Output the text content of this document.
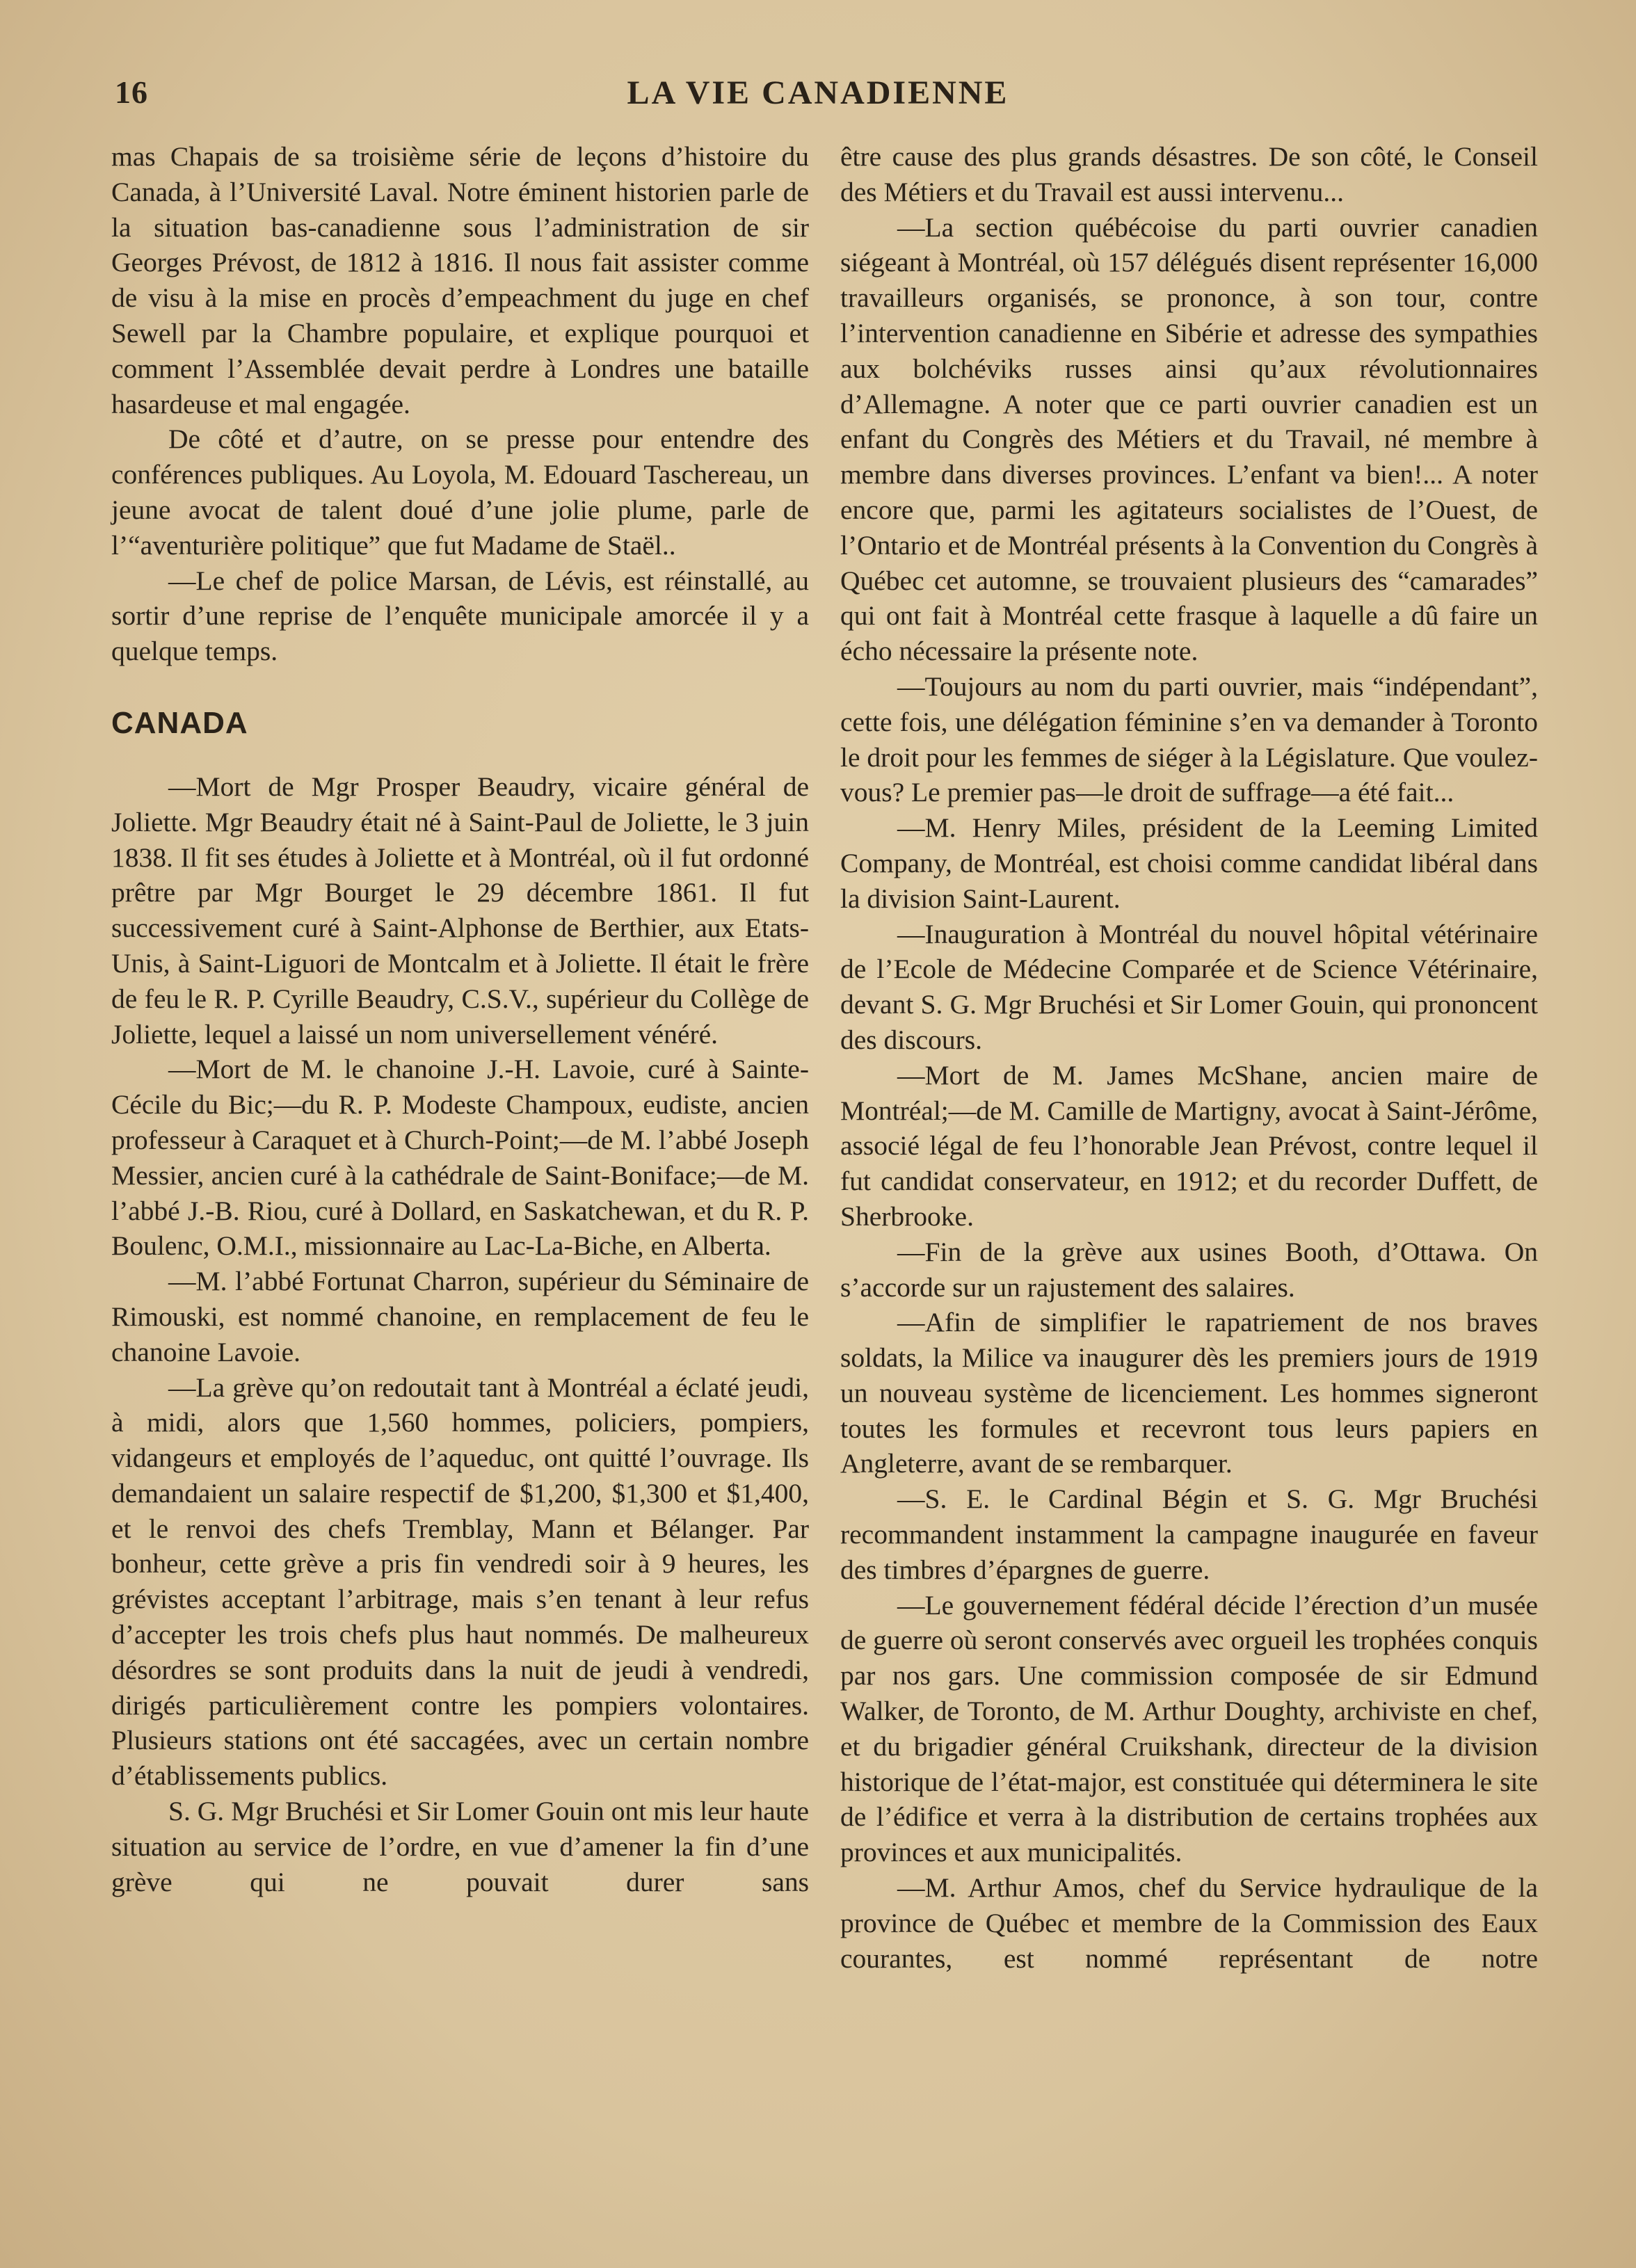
16	LA VIE CANADIENNE

mas Chapais de sa troisième série de leçons d’histoire du Canada, à l’Université Laval. Notre éminent historien parle de la situation bas-canadienne sous l’administration de sir Georges Prévost, de 1812 à 1816. Il nous fait assister comme de visu à la mise en procès d’empeachment du juge en chef Sewell par la Chambre populaire, et explique pourquoi et comment l’Assemblée devait perdre à Londres une bataille hasardeuse et mal engagée.

De côté et d’autre, on se presse pour entendre des conférences publiques. Au Loyola, M. Edouard Taschereau, un jeune avocat de talent doué d’une jolie plume, parle de l’“aventurière politique” que fut Madame de Staël..

—Le chef de police Marsan, de Lévis, est réinstallé, au sortir d’une reprise de l’enquête municipale amorcée il y a quelque temps.

CANADA

—Mort de Mgr Prosper Beaudry, vicaire général de Joliette. Mgr Beaudry était né à Saint-Paul de Joliette, le 3 juin 1838. Il fit ses études à Joliette et à Montréal, où il fut ordonné prêtre par Mgr Bourget le 29 décembre 1861. Il fut successivement curé à Saint-Alphonse de Berthier, aux Etats-Unis, à Saint-Liguori de Montcalm et à Joliette. Il était le frère de feu le R. P. Cyrille Beaudry, C.S.V., supérieur du Collège de Joliette, lequel a laissé un nom universellement vénéré.

—Mort de M. le chanoine J.-H. Lavoie, curé à Sainte-Cécile du Bic;—du R. P. Modeste Champoux, eudiste, ancien professeur à Caraquet et à Church-Point;—de M. l’abbé Joseph Messier, ancien curé à la cathédrale de Saint-Boniface;—de M. l’abbé J.-B. Riou, curé à Dollard, en Saskatchewan, et du R. P. Boulenc, O.M.I., missionnaire au Lac-La-Biche, en Alberta.

—M. l’abbé Fortunat Charron, supérieur du Séminaire de Rimouski, est nommé chanoine, en remplacement de feu le chanoine Lavoie.

—La grève qu’on redoutait tant à Montréal a éclaté jeudi, à midi, alors que 1,560 hommes, policiers, pompiers, vidangeurs et employés de l’aqueduc, ont quitté l’ouvrage. Ils demandaient un salaire respectif de $1,200, $1,300 et $1,400, et le renvoi des chefs Tremblay, Mann et Bélanger. Par bonheur, cette grève a pris fin vendredi soir à 9 heures, les grévistes acceptant l’arbitrage, mais s’en tenant à leur refus d’accepter les trois chefs plus haut nommés. De malheureux désordres se sont produits dans la nuit de jeudi à vendredi, dirigés particulièrement contre les pompiers volontaires. Plusieurs stations ont été saccagées, avec un certain nombre d’établissements publics.

S. G. Mgr Bruchési et Sir Lomer Gouin ont mis leur haute situation au service de l’ordre, en vue d’amener la fin d’une grève qui ne pouvait durer sans

être cause des plus grands désastres. De son côté, le Conseil des Métiers et du Travail est aussi intervenu...

—La section québécoise du parti ouvrier canadien siégeant à Montréal, où 157 délégués disent représenter 16,000 travailleurs organisés, se prononce, à son tour, contre l’intervention canadienne en Sibérie et adresse des sympathies aux bolchéviks russes ainsi qu’aux révolutionnaires d’Allemagne. A noter que ce parti ouvrier canadien est un enfant du Congrès des Métiers et du Travail, né membre à membre dans diverses provinces. L’enfant va bien!... A noter encore que, parmi les agitateurs socialistes de l’Ouest, de l’Ontario et de Montréal présents à la Convention du Congrès à Québec cet automne, se trouvaient plusieurs des “camarades” qui ont fait à Montréal cette frasque à laquelle a dû faire un écho nécessaire la présente note.

—Toujours au nom du parti ouvrier, mais “indépendant”, cette fois, une délégation féminine s’en va demander à Toronto le droit pour les femmes de siéger à la Législature. Que voulez-vous? Le premier pas—le droit de suffrage—a été fait...

—M. Henry Miles, président de la Leeming Limited Company, de Montréal, est choisi comme candidat libéral dans la division Saint-Laurent.

—Inauguration à Montréal du nouvel hôpital vétérinaire de l’Ecole de Médecine Comparée et de Science Vétérinaire, devant S. G. Mgr Bruchési et Sir Lomer Gouin, qui prononcent des discours.

—Mort de M. James McShane, ancien maire de Montréal;—de M. Camille de Martigny, avocat à Saint-Jérôme, associé légal de feu l’honorable Jean Prévost, contre lequel il fut candidat conservateur, en 1912; et du recorder Duffett, de Sherbrooke.

—Fin de la grève aux usines Booth, d’Ottawa. On s’accorde sur un rajustement des salaires.

—Afin de simplifier le rapatriement de nos braves soldats, la Milice va inaugurer dès les premiers jours de 1919 un nouveau système de licenciement. Les hommes signeront toutes les formules et recevront tous leurs papiers en Angleterre, avant de se rembarquer.

—S. E. le Cardinal Bégin et S. G. Mgr Bruchési recommandent instamment la campagne inaugurée en faveur des timbres d’épargnes de guerre.

—Le gouvernement fédéral décide l’érection d’un musée de guerre où seront conservés avec orgueil les trophées conquis par nos gars. Une commission composée de sir Edmund Walker, de Toronto, de M. Arthur Doughty, archiviste en chef, et du brigadier général Cruikshank, directeur de la division historique de l’état-major, est constituée qui déterminera le site de l’édifice et verra à la distribution de certains trophées aux provinces et aux municipalités.

—M. Arthur Amos, chef du Service hydraulique de la province de Québec et membre de la Commission des Eaux courantes, est nommé représentant de notre
